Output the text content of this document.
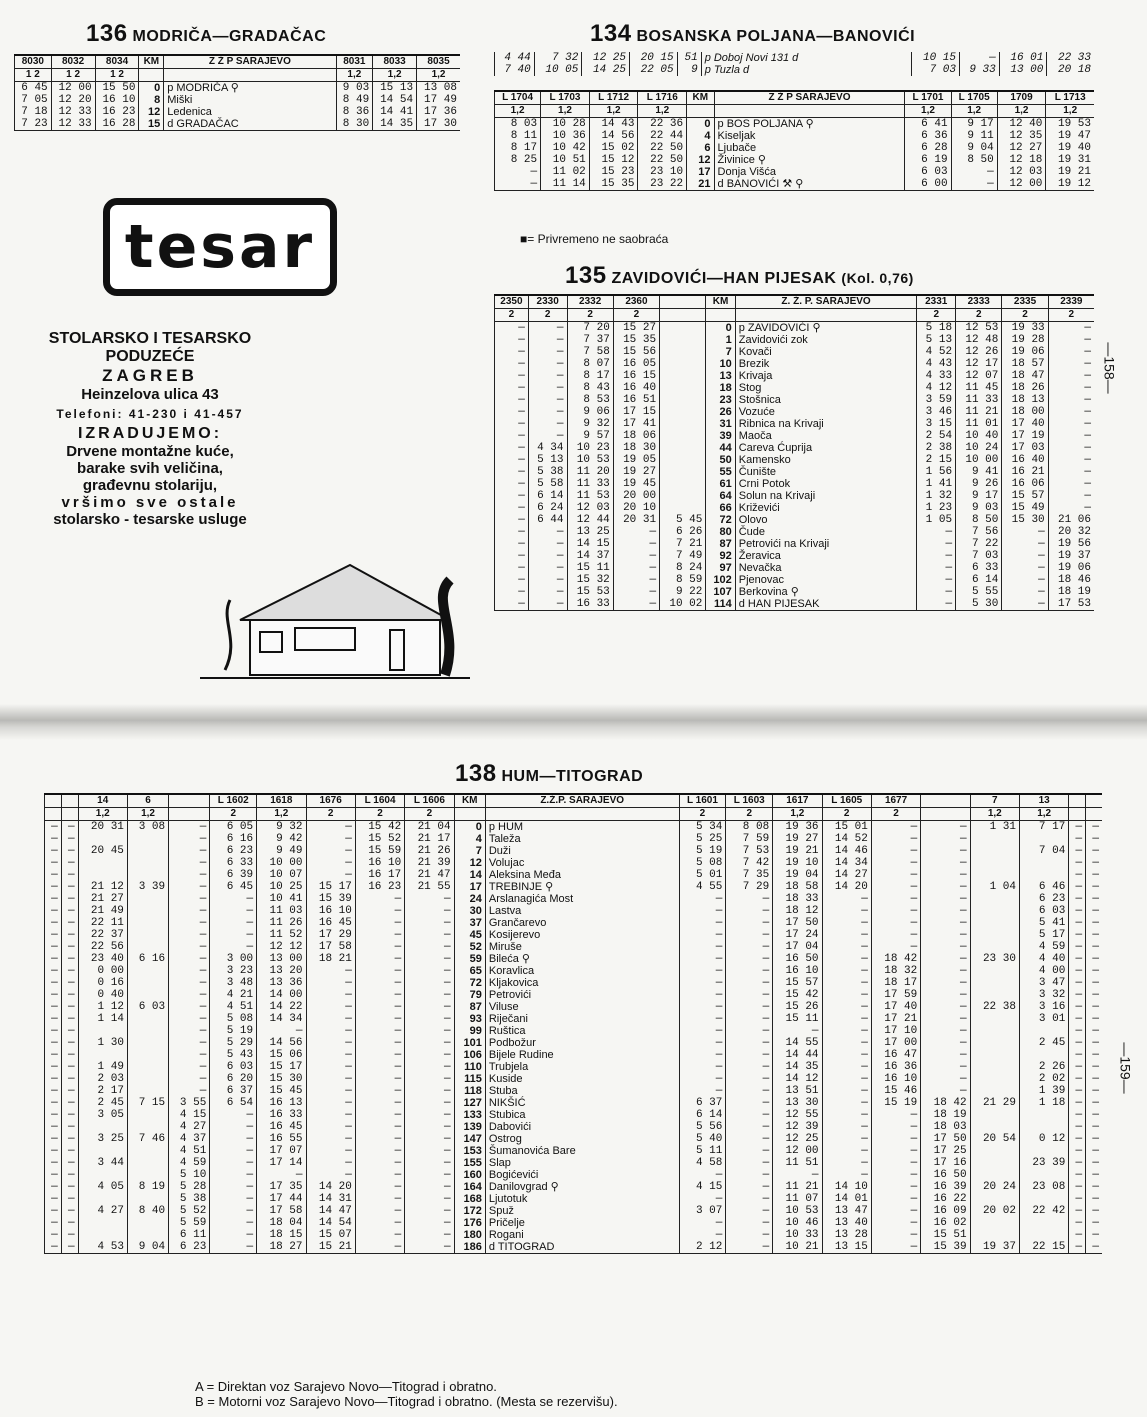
136 MODRIČA—GRADAČAC
8030	8032	8034	KM	Z Ž P SARAJEVO	8031	8033	8035
1 2	1 2	1 2			1,2	1,2	1,2
6 45	12 00	15 50	0	p MODRIČA ⚲	9 03	15 13	13 08
7 05	12 20	16 10	8	Miški	8 49	14 54	17 49
7 18	12 33	16 23	12	Ledenica	8 36	14 41	17 36
7 23	12 33	16 28	15	d GRADAČAC	8 30	14 35	17 30
tesar
STOLARSKO I TESARSKO
PODUZEĆE
ZAGREB
Heinzelova ulica 43
Telefoni: 41-230 i 41-457
IZRADUJEMO:
Drvene montažne kuće,
barake svih veličina,
građevnu stolariju,
vršimo sve ostale
stolarsko - tesarske usluge
134 BOSANSKA POLJANA—BANOVIĆI
4 44	7 32	12 25	20 15	51	p Doboj Novi 131 d	10 15	—	16 01	22 33
7 40	10 05	14 25	22 05	9	p Tuzla d	7 03	9 33	13 00	20 18
L 1704	L 1703	L 1712	L 1716	KM	Z Ž P SARAJEVO	L 1701	L 1705	1709	L 1713
1,2	1,2	1,2	1,2			1,2	1,2	1,2	1,2
8 03	10 28	14 43	22 36	0	p BOS POLJANA ⚲	6 41	9 17	12 40	19 53
8 11	10 36	14 56	22 44	4	Kiseljak	6 36	9 11	12 35	19 47
8 17	10 42	15 02	22 50	6	Ljubače	6 28	9 04	12 27	19 40
8 25	10 51	15 12	22 50	12	Živinice ⚲	6 19	8 50	12 18	19 31
—	11 02	15 23	23 10	17	Donja Višća	6 03	—	12 03	19 21
—	11 14	15 35	23 22	21	d BANOVIĆI ⚒ ⚲	6 00	—	12 00	19 12
■= Privremeno ne saobraća
135 ZAVIDOVIĆI—HAN PIJESAK (Kol. 0,76)
2350	2330	2332	2360		KM	Z. Ž. P. SARAJEVO	2331	2333	2335	2339
2	2	2	2				2	2	2	2
—	—	7 20	15 27		0	p ZAVIDOVIĆI ⚲	5 18	12 53	19 33	—
—	—	7 37	15 35		1	Zavidovići zok	5 13	12 48	19 28	—
—	—	7 58	15 56		7	Kovači	4 52	12 26	19 06	—
—	—	8 07	16 05		10	Brezik	4 43	12 17	18 57	—
—	—	8 17	16 15		13	Krivaja	4 33	12 07	18 47	—
—	—	8 43	16 40		18	Stog	4 12	11 45	18 26	—
—	—	8 53	16 51		23	Stošnica	3 59	11 33	18 13	—
—	—	9 06	17 15		26	Vozuće	3 46	11 21	18 00	—
—	—	9 32	17 41		31	Ribnica na Krivaji	3 15	11 01	17 40	—
—	—	9 57	18 06		39	Maoča	2 54	10 40	17 19	—
—	4 34	10 23	18 30		44	Careva Ćuprija	2 38	10 24	17 03	—
—	5 13	10 53	19 05		50	Kamensko	2 15	10 00	16 40	—
—	5 38	11 20	19 27		55	Čunište	1 56	9 41	16 21	—
—	5 58	11 33	19 45		61	Crni Potok	1 41	9 26	16 06	—
—	6 14	11 53	20 00		64	Solun na Krivaji	1 32	9 17	15 57	—
—	6 24	12 03	20 10		66	Križevići	1 23	9 03	15 49	—
—	6 44	12 44	20 31	5 45	72	Olovo	1 05	8 50	15 30	21 06
—	—	13 25	—	6 26	80	Čude	—	7 56	—	20 32
—	—	14 15	—	7 21	87	Petrovići na Krivaji	—	7 22	—	19 56
—	—	14 37	—	7 49	92	Žeravica	—	7 03	—	19 37
—	—	15 11	—	8 24	97	Nevačka	—	6 33	—	19 06
—	—	15 32	—	8 59	102	Pjenovac	—	6 14	—	18 46
—	—	15 53	—	9 22	107	Berkovina ⚲	—	5 55	—	18 19
—	—	16 33	—	10 02	114	d HAN PIJESAK	—	5 30	—	17 53
—158—
138 HUM—TITOGRAD
		14	6		L 1602	1618	1676	L 1604	L 1606	KM	Z.Ž.P. SARAJEVO	L 1601	L 1603	1617	L 1605	1677		7	13		
		1,2	1,2		2	1,2	2	2	2			2	2	1,2	2	2		1,2	1,2		
—	—	20 31	3 08	—	6 05	9 32	—	15 42	21 04	0	p HUM	5 34	8 08	19 36	15 01	—	—	1 31	7 17	—	—
—	—			—	6 16	9 42	—	15 52	21 17	4	Taleža	5 25	7 59	19 27	14 52	—	—			—	—
—	—	20 45		—	6 23	9 49	—	15 59	21 26	7	Duži	5 19	7 53	19 21	14 46	—	—		7 04	—	—
—	—			—	6 33	10 00	—	16 10	21 39	12	Volujac	5 08	7 42	19 10	14 34	—	—			—	—
—	—			—	6 39	10 07	—	16 17	21 47	14	Aleksina Međa	5 01	7 35	19 04	14 27	—	—			—	—
—	—	21 12	3 39	—	6 45	10 25	15 17	16 23	21 55	17	TREBINJE ⚲	4 55	7 29	18 58	14 20	—	—	1 04	6 46	—	—
—	—	21 27		—	—	10 41	15 39	—	—	24	Arslanagića Most	—	—	18 33	—	—	—		6 23	—	—
—	—	21 49		—	—	11 03	16 10	—	—	30	Lastva	—	—	18 12	—	—	—		6 03	—	—
—	—	22 11		—	—	11 26	16 45	—	—	37	Grančarevo	—	—	17 50	—	—	—		5 41	—	—
—	—	22 37		—	—	11 52	17 29	—	—	45	Kosijerevo	—	—	17 24	—	—	—		5 17	—	—
—	—	22 56		—	—	12 12	17 58	—	—	52	Miruše	—	—	17 04	—	—	—		4 59	—	—
—	—	23 40	6 16	—	3 00	13 00	18 21	—	—	59	Bileća ⚲	—	—	16 50	—	18 42	—	23 30	4 40	—	—
—	—	0 00		—	3 23	13 20	—	—	—	65	Koravlica	—	—	16 10	—	18 32	—		4 00	—	—
—	—	0 16		—	3 48	13 36	—	—	—	72	Kljakovica	—	—	15 57	—	18 17	—		3 47	—	—
—	—	0 40		—	4 21	14 00	—	—	—	79	Petrovići	—	—	15 42	—	17 59	—		3 32	—	—
—	—	1 12	6 03	—	4 51	14 22	—	—	—	87	Viluse	—	—	15 26	—	17 40	—	22 38	3 16	—	—
—	—	1 14		—	5 08	14 34	—	—	—	93	Riječani	—	—	15 11	—	17 21	—		3 01	—	—
—	—			—	5 19	—	—	—	—	99	Ruštica	—	—	—	—	17 10	—			—	—
—	—	1 30		—	5 29	14 56	—	—	—	101	Podbožur	—	—	14 55	—	17 00	—		2 45	—	—
—	—			—	5 43	15 06	—	—	—	106	Bijele Rudine	—	—	14 44	—	16 47	—			—	—
—	—	1 49		—	6 03	15 17	—	—	—	110	Trubjela	—	—	14 35	—	16 36	—		2 26	—	—
—	—	2 03		—	6 20	15 30	—	—	—	115	Kuside	—	—	14 12	—	16 10	—		2 02	—	—
—	—	2 17		—	6 37	15 45	—	—	—	118	Stuba	—	—	13 51	—	15 46	—		1 39	—	—
—	—	2 45	7 15	3 55	6 54	16 13	—	—	—	127	NIKŠIĆ	6 37	—	13 30	—	15 19	18 42	21 29	1 18	—	—
—	—	3 05		4 15	—	16 33	—	—	—	133	Stubica	6 14	—	12 55	—	—	18 19			—	—
—	—			4 27	—	16 45	—	—	—	139	Dabovići	5 56	—	12 39	—	—	18 03			—	—
—	—	3 25	7 46	4 37	—	16 55	—	—	—	147	Ostrog	5 40	—	12 25	—	—	17 50	20 54	0 12	—	—
—	—			4 51	—	17 07	—	—	—	153	Šumanovića Bare	5 11	—	12 00	—	—	17 25			—	—
—	—	3 44		4 59	—	17 14	—	—	—	155	Slap	4 58	—	11 51	—	—	17 16		23 39	—	—
—	—			5 10	—	—	—	—	—	160	Bogićevići	—	—	—	—	—	16 50			—	—
—	—	4 05	8 19	5 28	—	17 35	14 20	—	—	164	Danilovgrad ⚲	4 15	—	11 21	14 10	—	16 39	20 24	23 08	—	—
—	—			5 38	—	17 44	14 31	—	—	168	Ljutotuk	—	—	11 07	14 01	—	16 22			—	—
—	—	4 27	8 40	5 52	—	17 58	14 47	—	—	172	Spuž	3 07	—	10 53	13 47	—	16 09	20 02	22 42	—	—
—	—			5 59	—	18 04	14 54	—	—	176	Pričelje	—	—	10 46	13 40	—	16 02			—	—
—	—			6 11	—	18 15	15 07	—	—	180	Rogani	—	—	10 33	13 28	—	15 51			—	—
—	—	4 53	9 04	6 23	—	18 27	15 21	—	—	186	d TITOGRAD	2 12	—	10 21	13 15	—	15 39	19 37	22 15	—	—
A = Direktan voz Sarajevo Novo—Titograd i obratno.
B = Motorni voz Sarajevo Novo—Titograd i obratno. (Mesta se rezervišu).
—159—
